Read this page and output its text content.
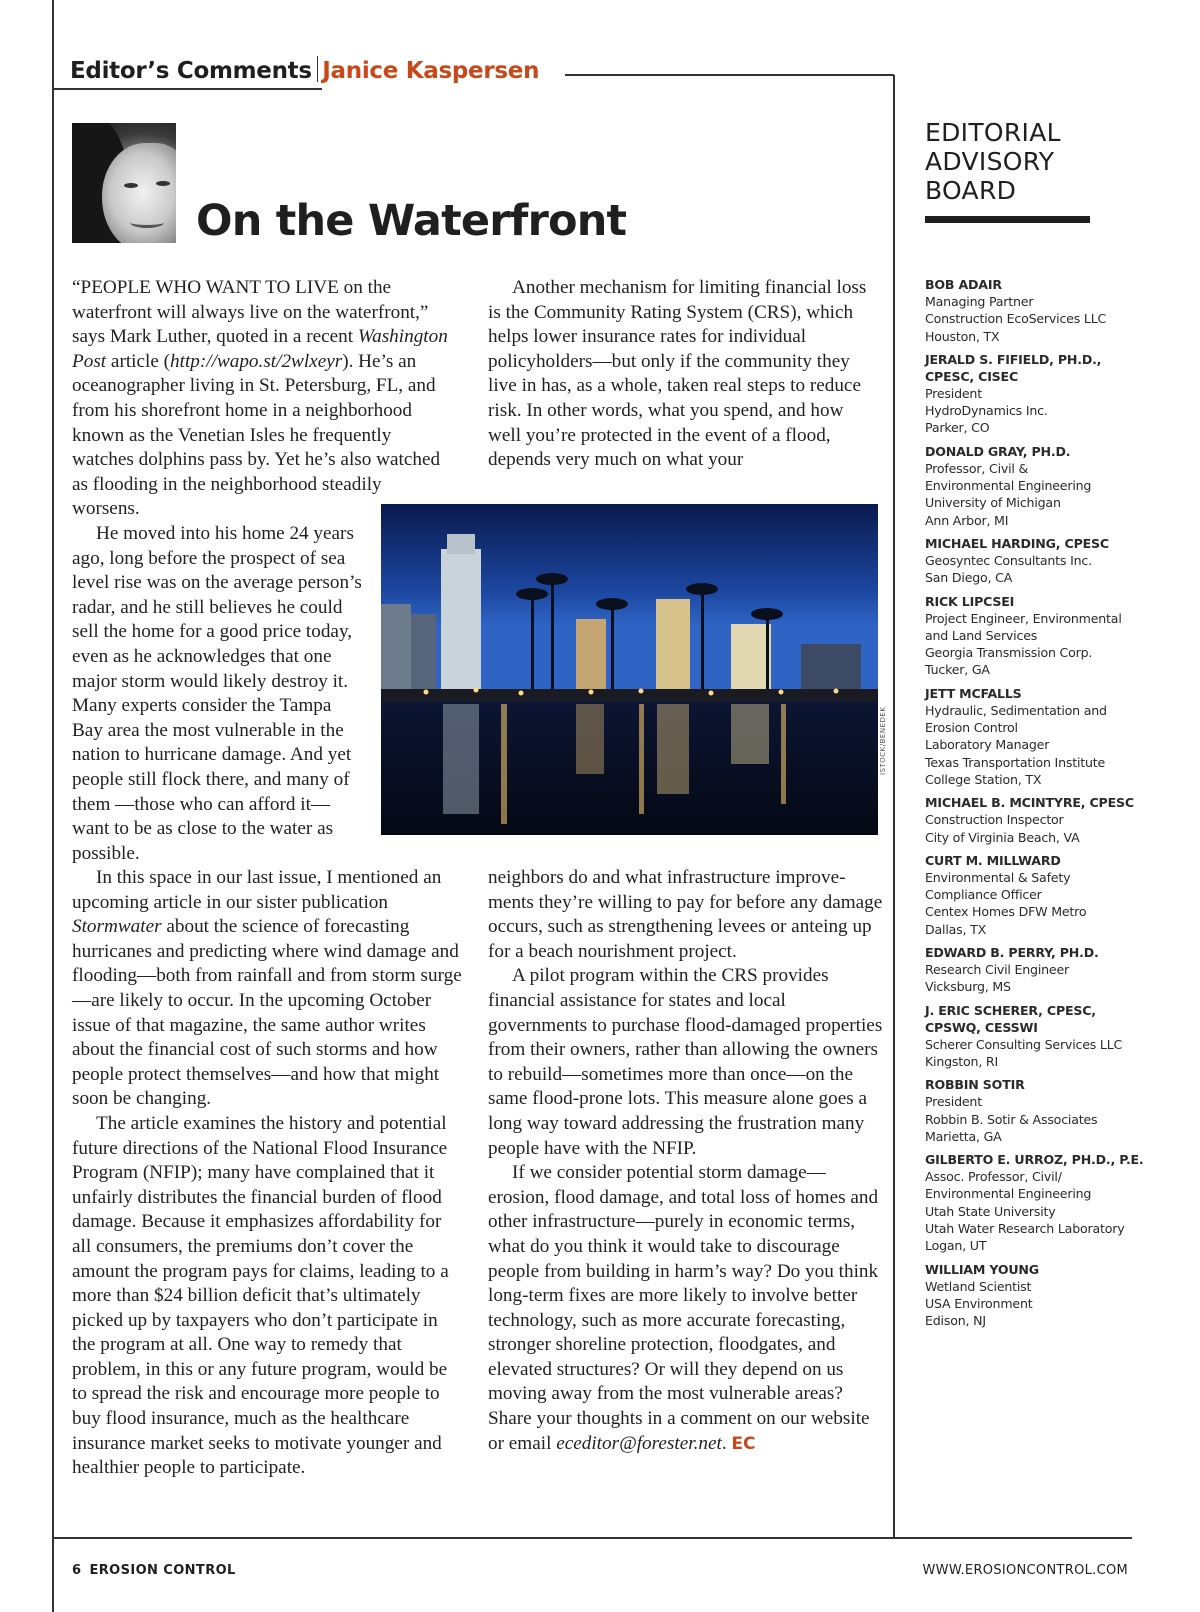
Editor’s Comments Janice Kaspersen
On the Waterfront

“PEOPLE WHO WANT TO LIVE on the waterfront will always live on the waterfront,” says Mark Luther, quoted in a recent Washington Post article (http://wapo.st/2wlxeyr). He’s an oceanographer living in St. Petersburg, FL, and from his shorefront home in a neighborhood known as the Venetian Isles he frequently watches dolphins pass by. Yet he’s also watched as flooding in the neighborhood steadily worsens.

He moved into his home 24 years ago, long before the prospect of sea level rise was on the average person’s radar, and he still believes he could sell the home for a good price today, even as he acknowledges that one major storm would likely destroy it. Many experts consider the Tampa Bay area the most vulnerable in the nation to hurricane damage. And yet people still flock there, and many of them —those who can afford it—want to be as close to the water as possible.

In this space in our last issue, I mentioned an upcoming article in our sister publication Stormwater about the science of forecasting hurricanes and predicting where wind damage and flooding—both from rainfall and from storm surge—are likely to occur. In the upcoming October issue of that magazine, the same author writes about the financial cost of such storms and how people protect themselves—and how that might soon be changing.

The article examines the history and potential future directions of the National Flood Insurance Program (NFIP); many have complained that it unfairly distributes the financial burden of flood damage. Because it emphasizes affordability for all consumers, the premiums don’t cover the amount the program pays for claims, leading to a more than $24 billion deficit that’s ultimately picked up by taxpayers who don’t participate in the program at all. One way to remedy that problem, in this or any future program, would be to spread the risk and encourage more people to buy flood insurance, much as the healthcare insurance market seeks to motivate younger and healthier people to participate.

Another mechanism for limiting financial loss is the Community Rating System (CRS), which helps lower insurance rates for individual policyholders—but only if the community they live in has, as a whole, taken real steps to reduce risk. In other words, what you spend, and how well you’re protected in the event of a flood, depends very much on what your

ISTOCK/BENEDEK

neighbors do and what infrastructure improvements they’re willing to pay for before any damage occurs, such as strengthening levees or anteing up for a beach nourishment project.

A pilot program within the CRS provides financial assistance for states and local governments to purchase flood-damaged properties from their owners, rather than allowing the owners to rebuild—sometimes more than once—on the same flood-prone lots. This measure alone goes a long way toward addressing the frustration many people have with the NFIP.

If we consider potential storm damage—erosion, flood damage, and total loss of homes and other infrastructure—purely in economic terms, what do you think it would take to discourage people from building in harm’s way? Do you think long-term fixes are more likely to involve better technology, such as more accurate forecasting, stronger shoreline protection, floodgates, and elevated structures? Or will they depend on us moving away from the most vulnerable areas? Share your thoughts in a comment on our website or email eceditor@forester.net. EC

EDITORIAL
ADVISORY
BOARD
BOB ADAIR
Managing Partner
Construction EcoServices LLC
Houston, TX
JERALD S. FIFIELD, PH.D.,
CPESC, CISEC
President
HydroDynamics Inc.
Parker, CO
DONALD GRAY, PH.D.
Professor, Civil &
Environmental Engineering
University of Michigan
Ann Arbor, MI
MICHAEL HARDING, CPESC
Geosyntec Consultants Inc.
San Diego, CA
RICK LIPCSEI
Project Engineer, Environmental
and Land Services
Georgia Transmission Corp.
Tucker, GA
JETT MCFALLS
Hydraulic, Sedimentation and
Erosion Control
Laboratory Manager
Texas Transportation Institute
College Station, TX
MICHAEL B. MCINTYRE, CPESC
Construction Inspector
City of Virginia Beach, VA
CURT M. MILLWARD
Environmental & Safety
Compliance Officer
Centex Homes DFW Metro
Dallas, TX
EDWARD B. PERRY, PH.D.
Research Civil Engineer
Vicksburg, MS
J. ERIC SCHERER, CPESC,
CPSWQ, CESSWI
Scherer Consulting Services LLC
Kingston, RI
ROBBIN SOTIR
President
Robbin B. Sotir & Associates
Marietta, GA
GILBERTO E. URROZ, PH.D., P.E.
Assoc. Professor, Civil/
Environmental Engineering
Utah State University
Utah Water Research Laboratory
Logan, UT
WILLIAM YOUNG
Wetland Scientist
USA Environment
Edison, NJ
6 EROSION CONTROL	WWW.EROSIONCONTROL.COM
